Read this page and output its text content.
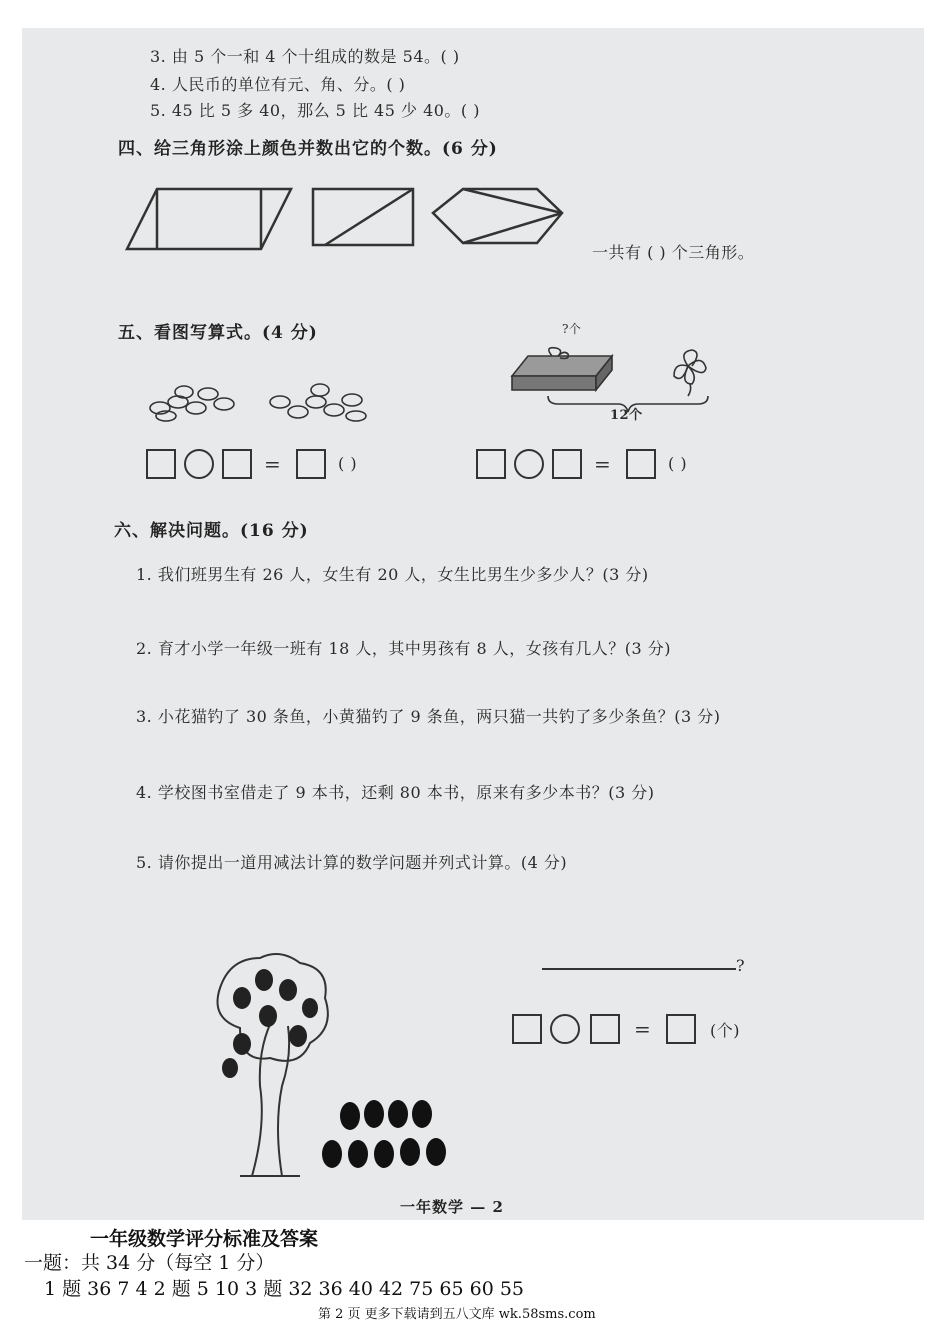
3. 由 5 个一和 4 个十组成的数是 54。( )
4. 人民币的单位有元、角、分。( )
5. 45 比 5 多 40，那么 5 比 45 少 40。( )
四、给三角形涂上颜色并数出它的个数。(6 分)
一共有 ( ) 个三角形。
五、看图写算式。(4 分)
=	( )
?个
12个
=	( )
六、解决问题。(16 分)
1. 我们班男生有 26 人，女生有 20 人，女生比男生少多少人？(3 分)
2. 育才小学一年级一班有 18 人，其中男孩有 8 人，女孩有几人？(3 分)
3. 小花猫钓了 30 条鱼，小黄猫钓了 9 条鱼，两只猫一共钓了多少条鱼？(3 分)
4. 学校图书室借走了 9 本书，还剩 80 本书，原来有多少本书？(3 分)
5. 请你提出一道用减法计算的数学问题并列式计算。(4 分)
?
=	(个)
一年数学 — 2
一年级数学评分标准及答案
一题：共 34 分（每空 1 分）
1 题 36 7 4 2 题 5 10 3 题 32 36 40 42 75 65 60 55
第 2 页 更多下载请到五八文库 wk.58sms.com
